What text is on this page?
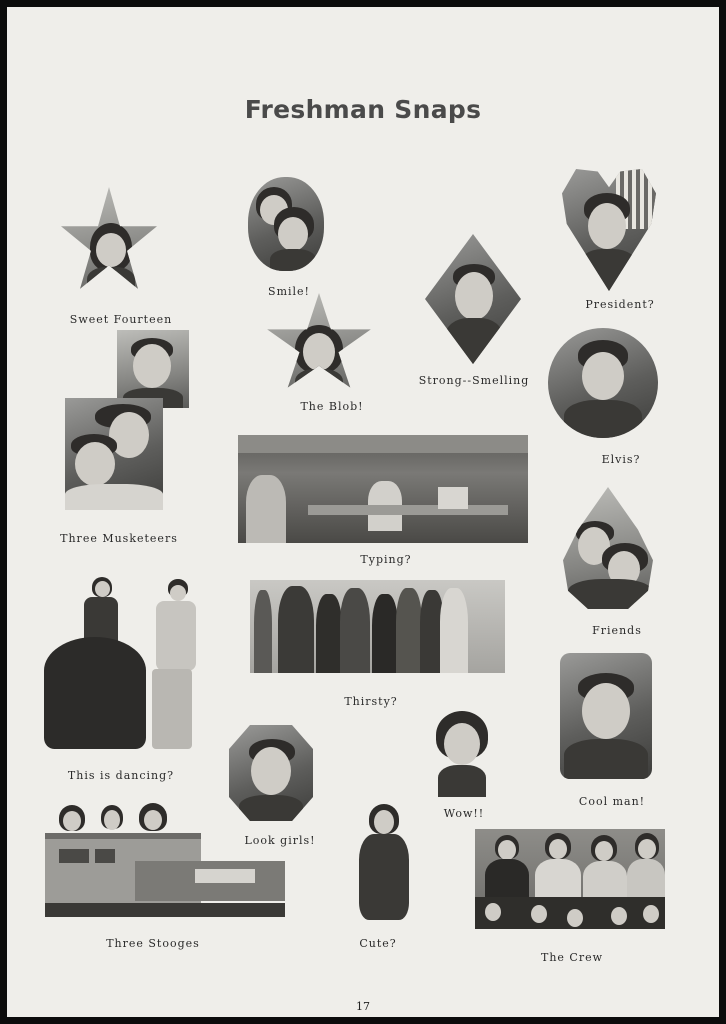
Freshman Snaps
Sweet Fourteen
Smile!
President?
The Blob!
Strong--Smelling
Three Musketeers
Elvis?
Typing?
Friends
Thirsty?
This is dancing?
Cool man!
Wow!!
Look girls!
Three Stooges	Cute?
The Crew
17
